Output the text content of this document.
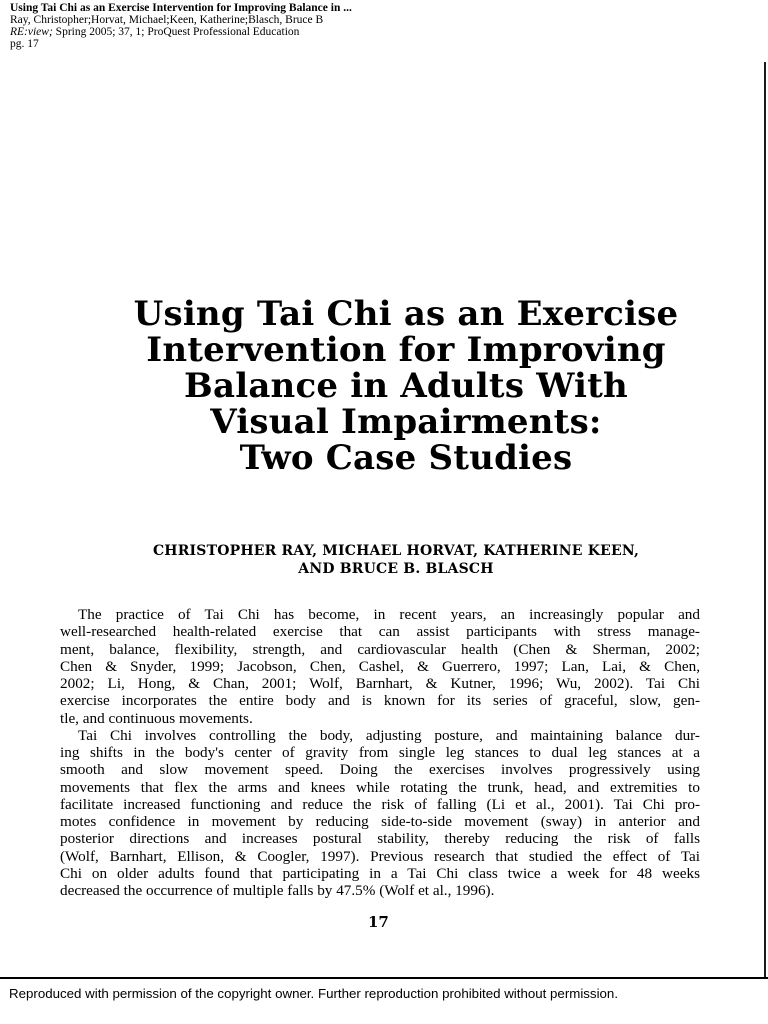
Using Tai Chi as an Exercise Intervention for Improving Balance in ...
Ray, Christopher;Horvat, Michael;Keen, Katherine;Blasch, Bruce B
RE:view; Spring 2005; 37, 1; ProQuest Professional Education
pg. 17
Using Tai Chi as an Exercise
Intervention for Improving
Balance in Adults With
Visual Impairments:
Two Case Studies
CHRISTOPHER RAY, MICHAEL HORVAT, KATHERINE KEEN,
AND BRUCE B. BLASCH
The practice of Tai Chi has become, in recent years, an increasingly popular and
well-researched health-related exercise that can assist participants with stress manage-
ment, balance, flexibility, strength, and cardiovascular health (Chen & Sherman, 2002;
Chen & Snyder, 1999; Jacobson, Chen, Cashel, & Guerrero, 1997; Lan, Lai, & Chen,
2002; Li, Hong, & Chan, 2001; Wolf, Barnhart, & Kutner, 1996; Wu, 2002). Tai Chi
exercise incorporates the entire body and is known for its series of graceful, slow, gen-
tle, and continuous movements.
Tai Chi involves controlling the body, adjusting posture, and maintaining balance dur-
ing shifts in the body's center of gravity from single leg stances to dual leg stances at a
smooth and slow movement speed. Doing the exercises involves progressively using
movements that flex the arms and knees while rotating the trunk, head, and extremities to
facilitate increased functioning and reduce the risk of falling (Li et al., 2001). Tai Chi pro-
motes confidence in movement by reducing side-to-side movement (sway) in anterior and
posterior directions and increases postural stability, thereby reducing the risk of falls
(Wolf, Barnhart, Ellison, & Coogler, 1997). Previous research that studied the effect of Tai
Chi on older adults found that participating in a Tai Chi class twice a week for 48 weeks
decreased the occurrence of multiple falls by 47.5% (Wolf et al., 1996).
17
Reproduced with permission of the copyright owner. Further reproduction prohibited without permission.
